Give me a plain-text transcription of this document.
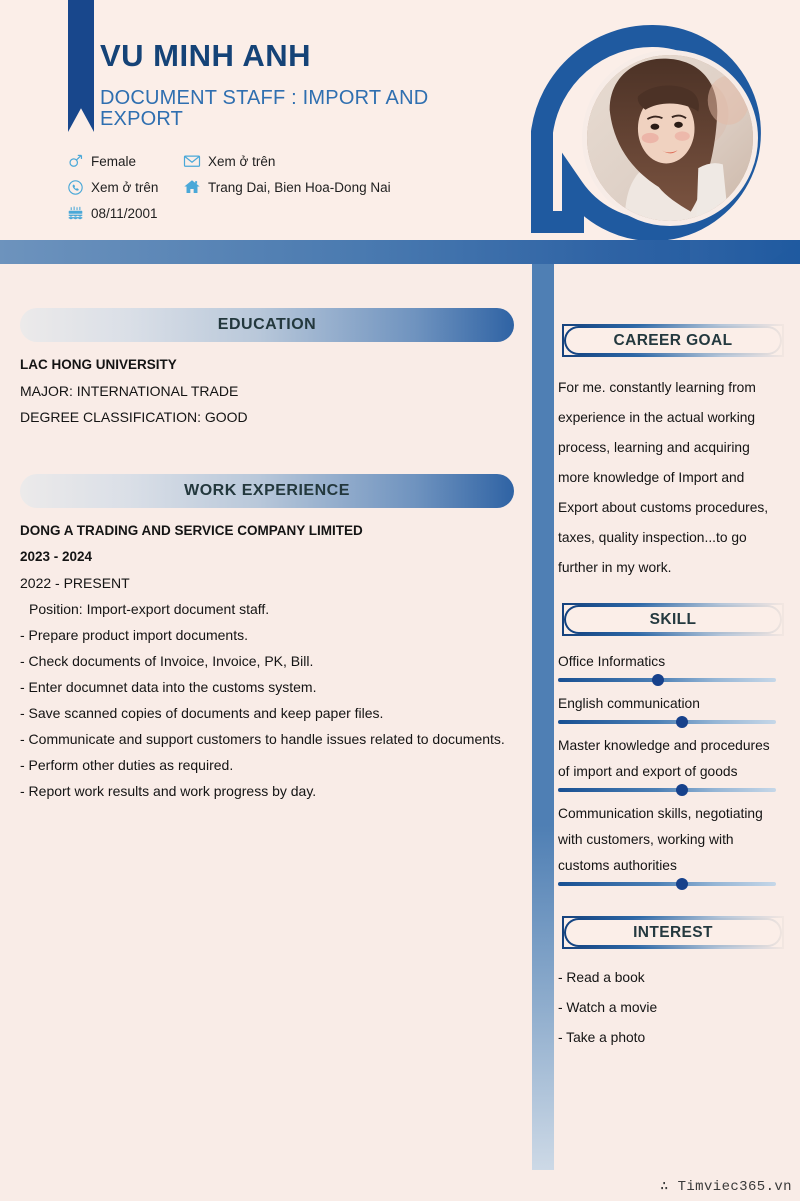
VU MINH ANH
DOCUMENT STAFF : IMPORT AND EXPORT
Female	Xem ở trên
Xem ở trên	Trang Dai, Bien Hoa-Dong Nai
08/11/2001
EDUCATION

LAC HONG UNIVERSITY

MAJOR: INTERNATIONAL TRADE

DEGREE CLASSIFICATION: GOOD

WORK EXPERIENCE

DONG A TRADING AND SERVICE COMPANY LIMITED

2023 - 2024

2022 - PRESENT

Position: Import-export document staff.

- Prepare product import documents.

- Check documents of Invoice, Invoice, PK, Bill.

- Enter documnet data into the customs system.

- Save scanned copies of documents and keep paper files.

- Communicate and support customers to handle issues related to documents.

- Perform other duties as required.

- Report work results and work progress by day.

CAREER GOAL

For me. constantly learning from experience in the actual working process, learning and acquiring more knowledge of Import and Export about customs procedures, taxes, quality inspection...to go further in my work.

SKILL
Office Informatics
English communication
Master knowledge and procedures of import and export of goods
Communication skills, negotiating with customers, working with customs authorities
INTEREST

- Read a book

- Watch a movie

- Take a photo

∴ Timviec365.vn
